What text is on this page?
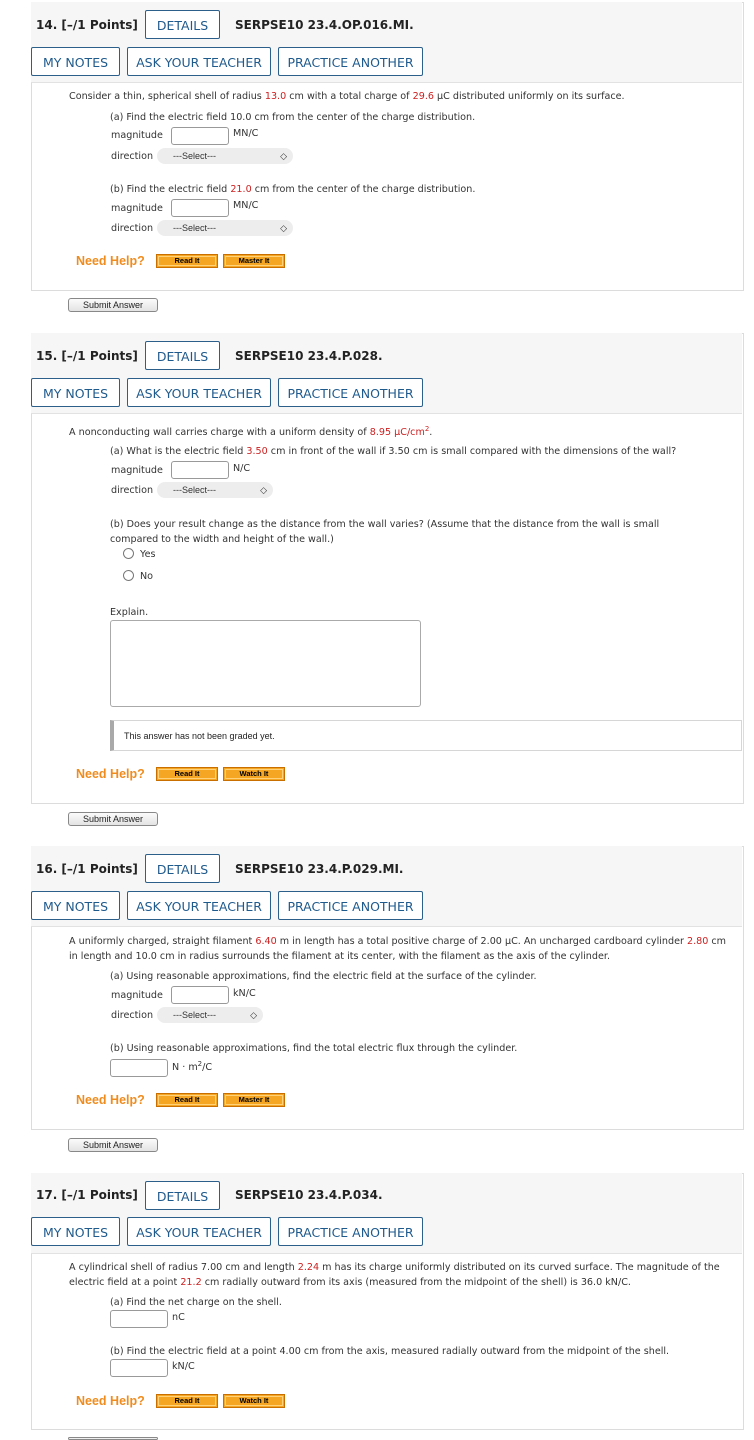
14. [–/1 Points]	DETAILS	SERPSE10 23.4.OP.016.MI.
MY NOTES	ASK YOUR TEACHER	PRACTICE ANOTHER
Consider a thin, spherical shell of radius 13.0 cm with a total charge of 29.6 μC distributed uniformly on its surface.
(a) Find the electric field 10.0 cm from the center of the charge distribution.
magnitude	MN/C
direction	---Select---	◇
(b) Find the electric field 21.0 cm from the center of the charge distribution.
magnitude	MN/C
direction	---Select---	◇
Need Help?	Read It	Master It
Submit Answer
15. [–/1 Points]	DETAILS	SERPSE10 23.4.P.028.
MY NOTES	ASK YOUR TEACHER	PRACTICE ANOTHER
A nonconducting wall carries charge with a uniform density of 8.95 $\mu C/cm^2$.
(a) What is the electric field 3.50 cm in front of the wall if 3.50 cm is small compared with the dimensions of the wall?
magnitude	N/C
direction	---Select---	◇
(b) Does your result change as the distance from the wall varies? (Assume that the distance from the wall is small compared to the width and height of the wall.)
Yes
No
Explain.
This answer has not been graded yet.
Need Help?	Read It	Watch It
Submit Answer
16. [–/1 Points]	DETAILS	SERPSE10 23.4.P.029.MI.
MY NOTES	ASK YOUR TEACHER	PRACTICE ANOTHER
A uniformly charged, straight filament 6.40 m in length has a total positive charge of 2.00 μC. An uncharged cardboard cylinder 2.80 cm in length and 10.0 cm in radius surrounds the filament at its center, with the filament as the axis of the cylinder.
(a) Using reasonable approximations, find the electric field at the surface of the cylinder.
magnitude	kN/C
direction	---Select---	◇
(b) Using reasonable approximations, find the total electric flux through the cylinder.
$N \cdot m^2/C$
Need Help?	Read It	Master It
Submit Answer
17. [–/1 Points]	DETAILS	SERPSE10 23.4.P.034.
MY NOTES	ASK YOUR TEACHER	PRACTICE ANOTHER
A cylindrical shell of radius 7.00 cm and length 2.24 m has its charge uniformly distributed on its curved surface. The magnitude of the electric field at a point 21.2 cm radially outward from its axis (measured from the midpoint of the shell) is 36.0 kN/C.
(a) Find the net charge on the shell.
nC
(b) Find the electric field at a point 4.00 cm from the axis, measured radially outward from the midpoint of the shell.
kN/C
Need Help?	Read It	Watch It
